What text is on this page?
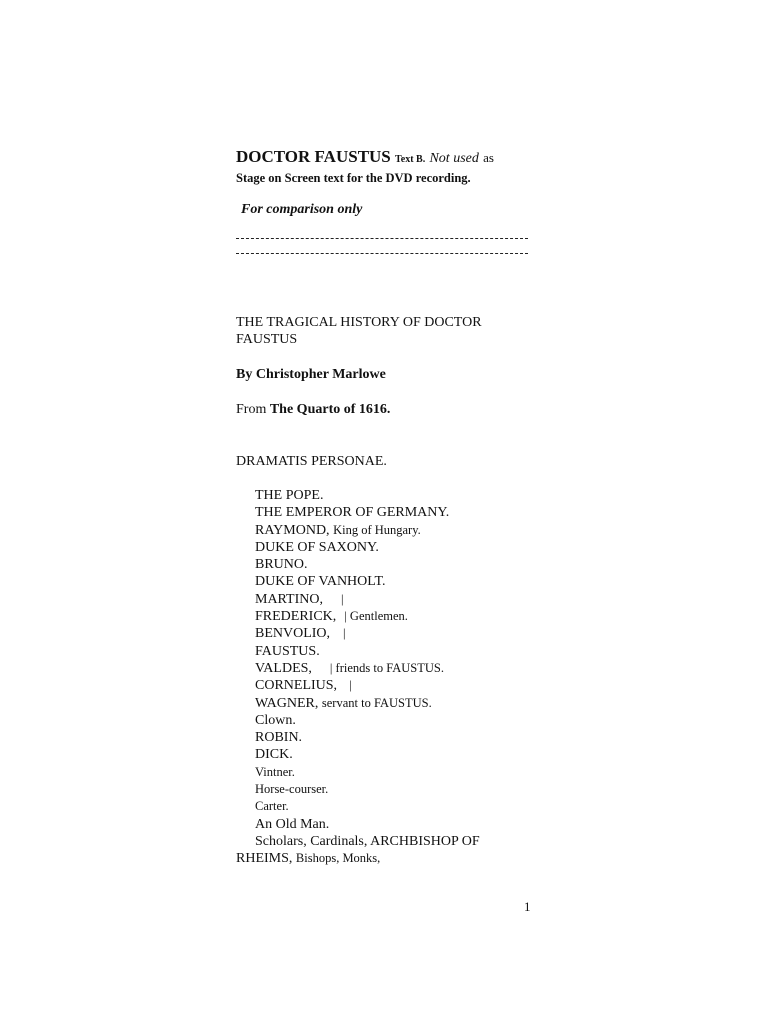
DOCTOR FAUSTUS Text B. Not used as
Stage on Screen text for the DVD recording.
For comparison only
THE TRAGICAL HISTORY OF DOCTOR FAUSTUS
By Christopher Marlowe
From The Quarto of 1616.
DRAMATIS PERSONAE.
THE POPE.
THE EMPEROR OF GERMANY.
RAYMOND, King of Hungary.
DUKE OF SAXONY.
BRUNO.
DUKE OF VANHOLT.
MARTINO, |
FREDERICK, | Gentlemen.
BENVOLIO, |
FAUSTUS.
VALDES, | friends to FAUSTUS.
CORNELIUS, |
WAGNER, servant to FAUSTUS.
Clown.
ROBIN.
DICK.
Vintner.
Horse-courser.
Carter.
An Old Man.
Scholars, Cardinals, ARCHBISHOP OF
RHEIMS, Bishops, Monks,
1
